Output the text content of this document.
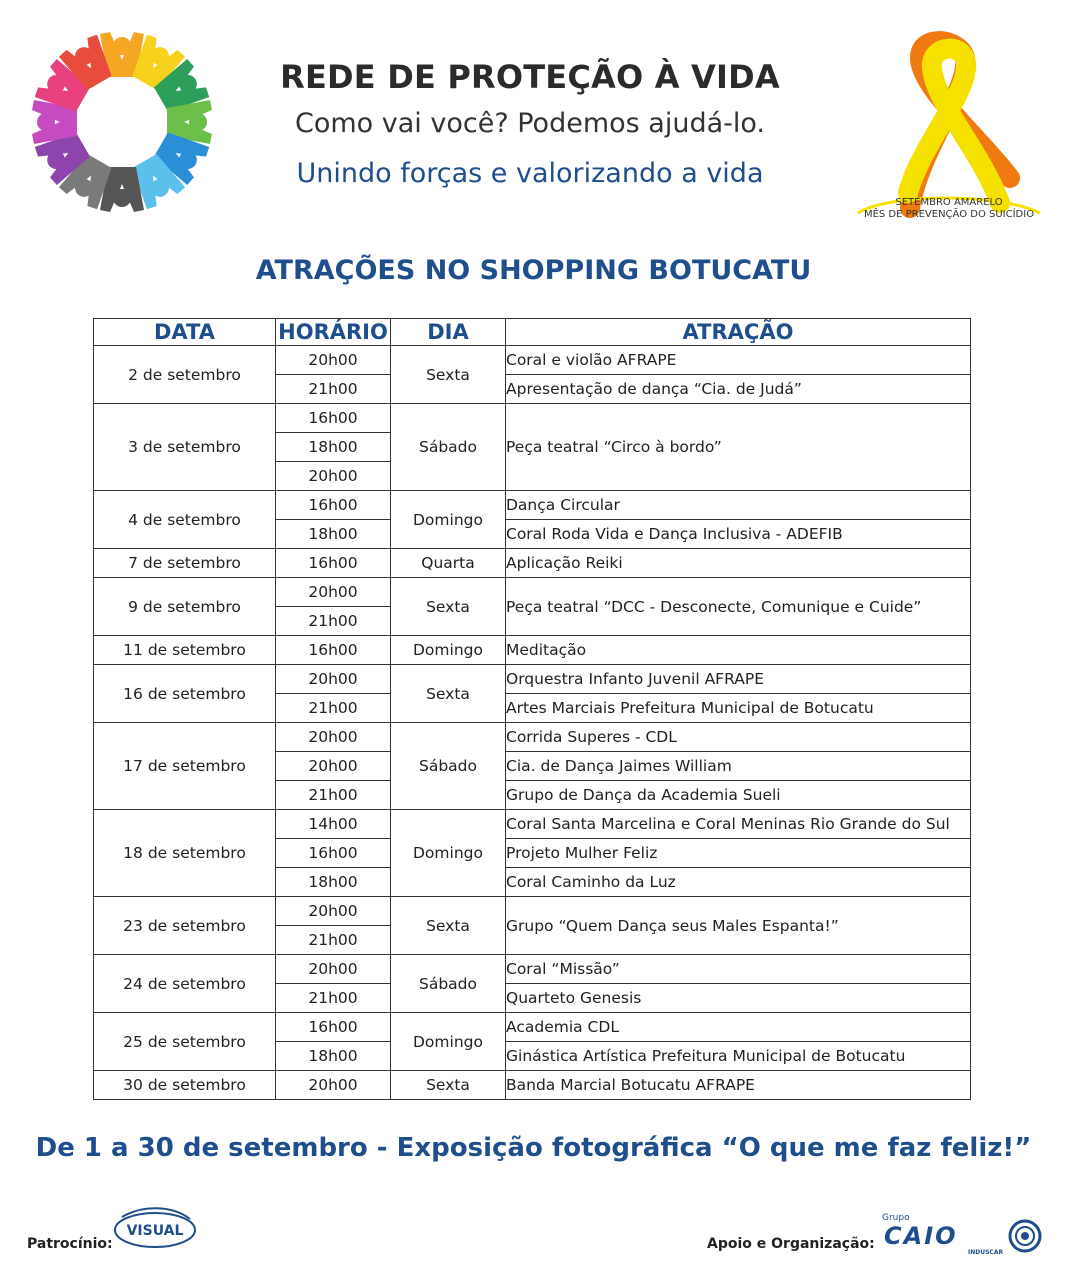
REDE DE PROTEÇÃO À VIDA
Como vai você? Podemos ajudá-lo.
Unindo forças e valorizando a vida
SETEMBRO AMARELO
MÊS DE PREVENÇÃO DO SUICÍDIO
ATRAÇÕES NO SHOPPING BOTUCATU
DATA	HORÁRIO	DIA	ATRAÇÃO
2 de setembro	20h00	Sexta	Coral e violão AFRAPE
	21h00		Apresentação de dança “Cia. de Judá”
3 de setembro	16h00	Sábado	Peça teatral “Circo à bordo”
	18h00		
	20h00		
4 de setembro	16h00	Domingo	Dança Circular
	18h00		Coral Roda Vida e Dança Inclusiva - ADEFIB
7 de setembro	16h00	Quarta	Aplicação Reiki
9 de setembro	20h00	Sexta	Peça teatral “DCC - Desconecte, Comunique e Cuide”
	21h00		
11 de setembro	16h00	Domingo	Meditação
16 de setembro	20h00	Sexta	Orquestra Infanto Juvenil AFRAPE
	21h00		Artes Marciais Prefeitura Municipal de Botucatu
17 de setembro	20h00	Sábado	Corrida Superes - CDL
	20h00		Cia. de Dança Jaimes William
	21h00		Grupo de Dança da Academia Sueli
18 de setembro	14h00	Domingo	Coral Santa Marcelina e Coral Meninas Rio Grande do Sul
	16h00		Projeto Mulher Feliz
	18h00		Coral Caminho da Luz
23 de setembro	20h00	Sexta	Grupo “Quem Dança seus Males Espanta!”
	21h00		
24 de setembro	20h00	Sábado	Coral “Missão”
	21h00		Quarteto Genesis
25 de setembro	16h00	Domingo	Academia CDL
	18h00		Ginástica Artística Prefeitura Municipal de Botucatu
30 de setembro	20h00	Sexta	Banda Marcial Botucatu AFRAPE
De 1 a 30 de setembro - Exposição fotográfica “O que me faz feliz!”
Patrocínio:
VISUAL
Apoio e Organização:
Grupo
CAIO
INDUSCAR
